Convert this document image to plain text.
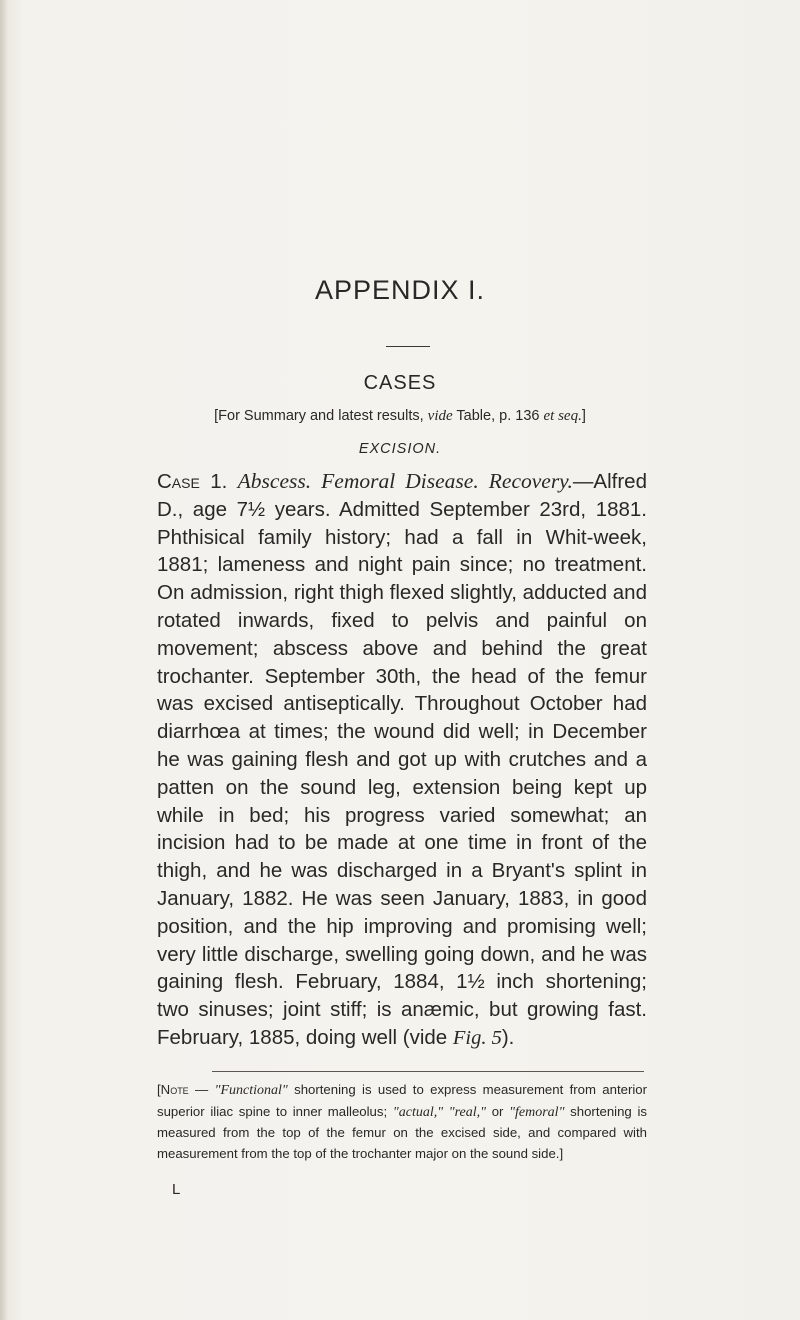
APPENDIX I.
CASES
[For Summary and latest results, vide Table, p. 136 et seq.]
EXCISION.
Case 1. Abscess. Femoral Disease. Recovery.—Alfred D., age 7½ years. Admitted September 23rd, 1881. Phthisical family history; had a fall in Whit-week, 1881; lameness and night pain since; no treatment. On admission, right thigh flexed slightly, adducted and rotated inwards, fixed to pelvis and painful on movement; abscess above and behind the great trochanter. September 30th, the head of the femur was excised antiseptically. Throughout October had diarrhœa at times; the wound did well; in December he was gaining flesh and got up with crutches and a patten on the sound leg, extension being kept up while in bed; his progress varied somewhat; an incision had to be made at one time in front of the thigh, and he was discharged in a Bryant's splint in January, 1882. He was seen January, 1883, in good position, and the hip improving and promising well; very little discharge, swelling going down, and he was gaining flesh. February, 1884, 1½ inch shortening; two sinuses; joint stiff; is anæmic, but growing fast. February, 1885, doing well (vide Fig. 5).
[Note — "Functional" shortening is used to express measurement from anterior superior iliac spine to inner malleolus; "actual," "real," or "femoral" shortening is measured from the top of the femur on the excised side, and compared with measurement from the top of the trochanter major on the sound side.]
L
